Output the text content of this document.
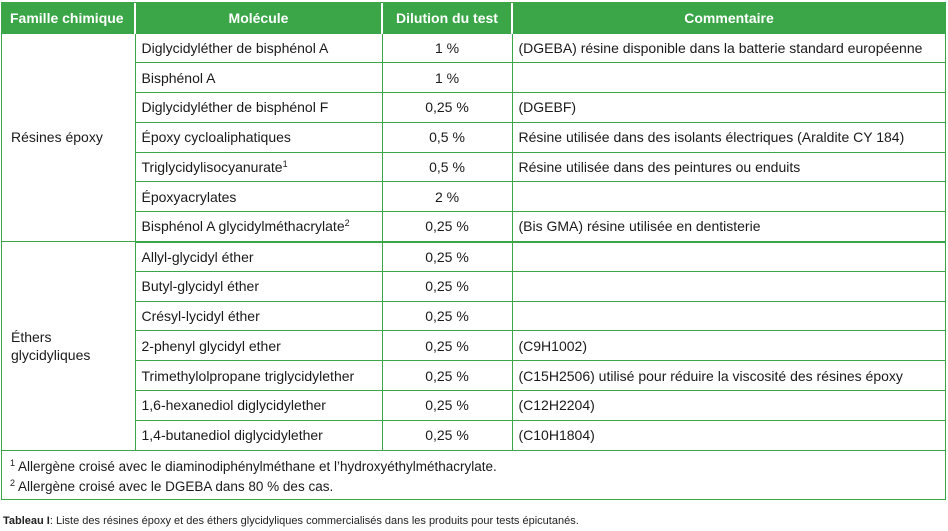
Famille chimique	Molécule	Dilution du test	Commentaire
Résines époxy	Diglycidyléther de bisphénol A	1 %	(DGEBA) résine disponible dans la batterie standard européenne
	Bisphénol A	1 %	
	Diglycidyléther de bisphénol F	0,25 %	(DGEBF)
	Époxy cycloaliphatiques	0,5 %	Résine utilisée dans des isolants électriques (Araldite CY 184)
	Triglycidylisocyanurate$^1$	0,5 %	Résine utilisée dans des peintures ou enduits
	Époxyacrylates	2 %	
	Bisphénol A glycidylméthacrylate$^2$	0,25 %	(Bis GMA) résine utilisée en dentisterie
Éthers glycidyliques	Allyl-glycidyl éther	0,25 %	
	Butyl-glycidyl éther	0,25 %	
	Crésyl-lycidyl éther	0,25 %	
	2-phenyl glycidyl ether	0,25 %	(C9H1002)
	Trimethylolpropane triglycidylether	0,25 %	(C15H2506) utilisé pour réduire la viscosité des résines époxy
	1,6-hexanediol diglycidylether	0,25 %	(C12H2204)
	1,4-butanediol diglycidylether	0,25 %	(C10H1804)
$^1$ Allergène croisé avec le diaminodiphénylméthane et l’hydroxyéthylméthacrylate.
$^2$ Allergène croisé avec le DGEBA dans 80 % des cas.
Tableau I: Liste des résines époxy et des éthers glycidyliques commercialisés dans les produits pour tests épicutanés.
